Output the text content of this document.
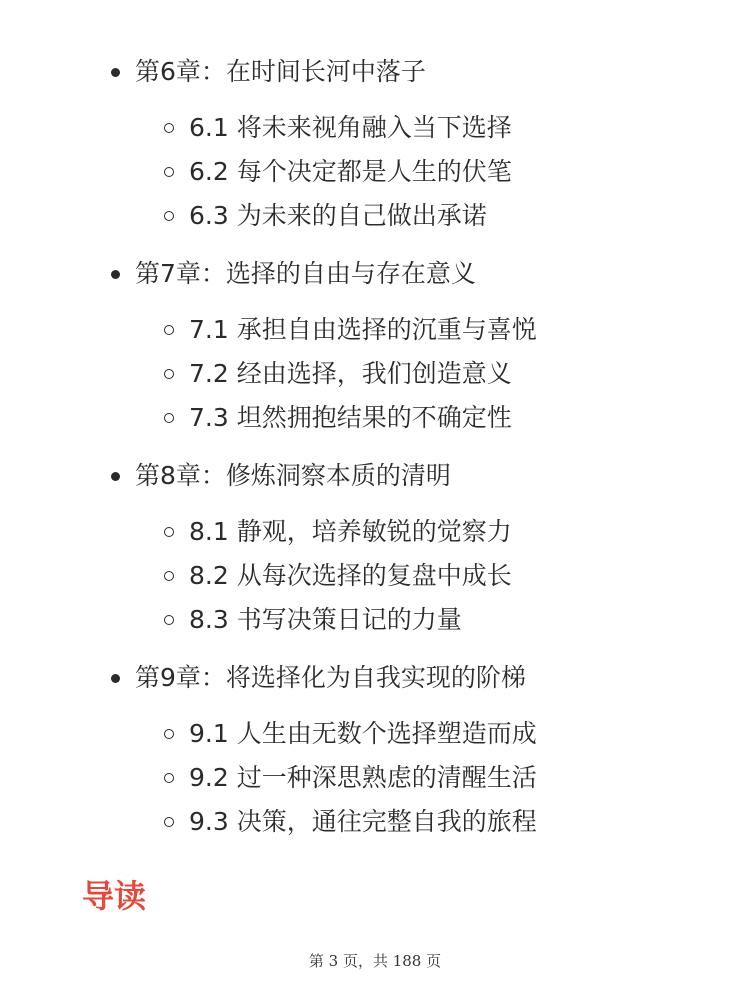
第6章：在时间长河中落子
6.1 将未来视角融入当下选择
6.2 每个决定都是人生的伏笔
6.3 为未来的自己做出承诺
第7章：选择的自由与存在意义
7.1 承担自由选择的沉重与喜悦
7.2 经由选择，我们创造意义
7.3 坦然拥抱结果的不确定性
第8章：修炼洞察本质的清明
8.1 静观，培养敏锐的觉察力
8.2 从每次选择的复盘中成长
8.3 书写决策日记的力量
第9章：将选择化为自我实现的阶梯
9.1 人生由无数个选择塑造而成
9.2 过一种深思熟虑的清醒生活
9.3 决策，通往完整自我的旅程
导读
第 3 页，共 188 页
